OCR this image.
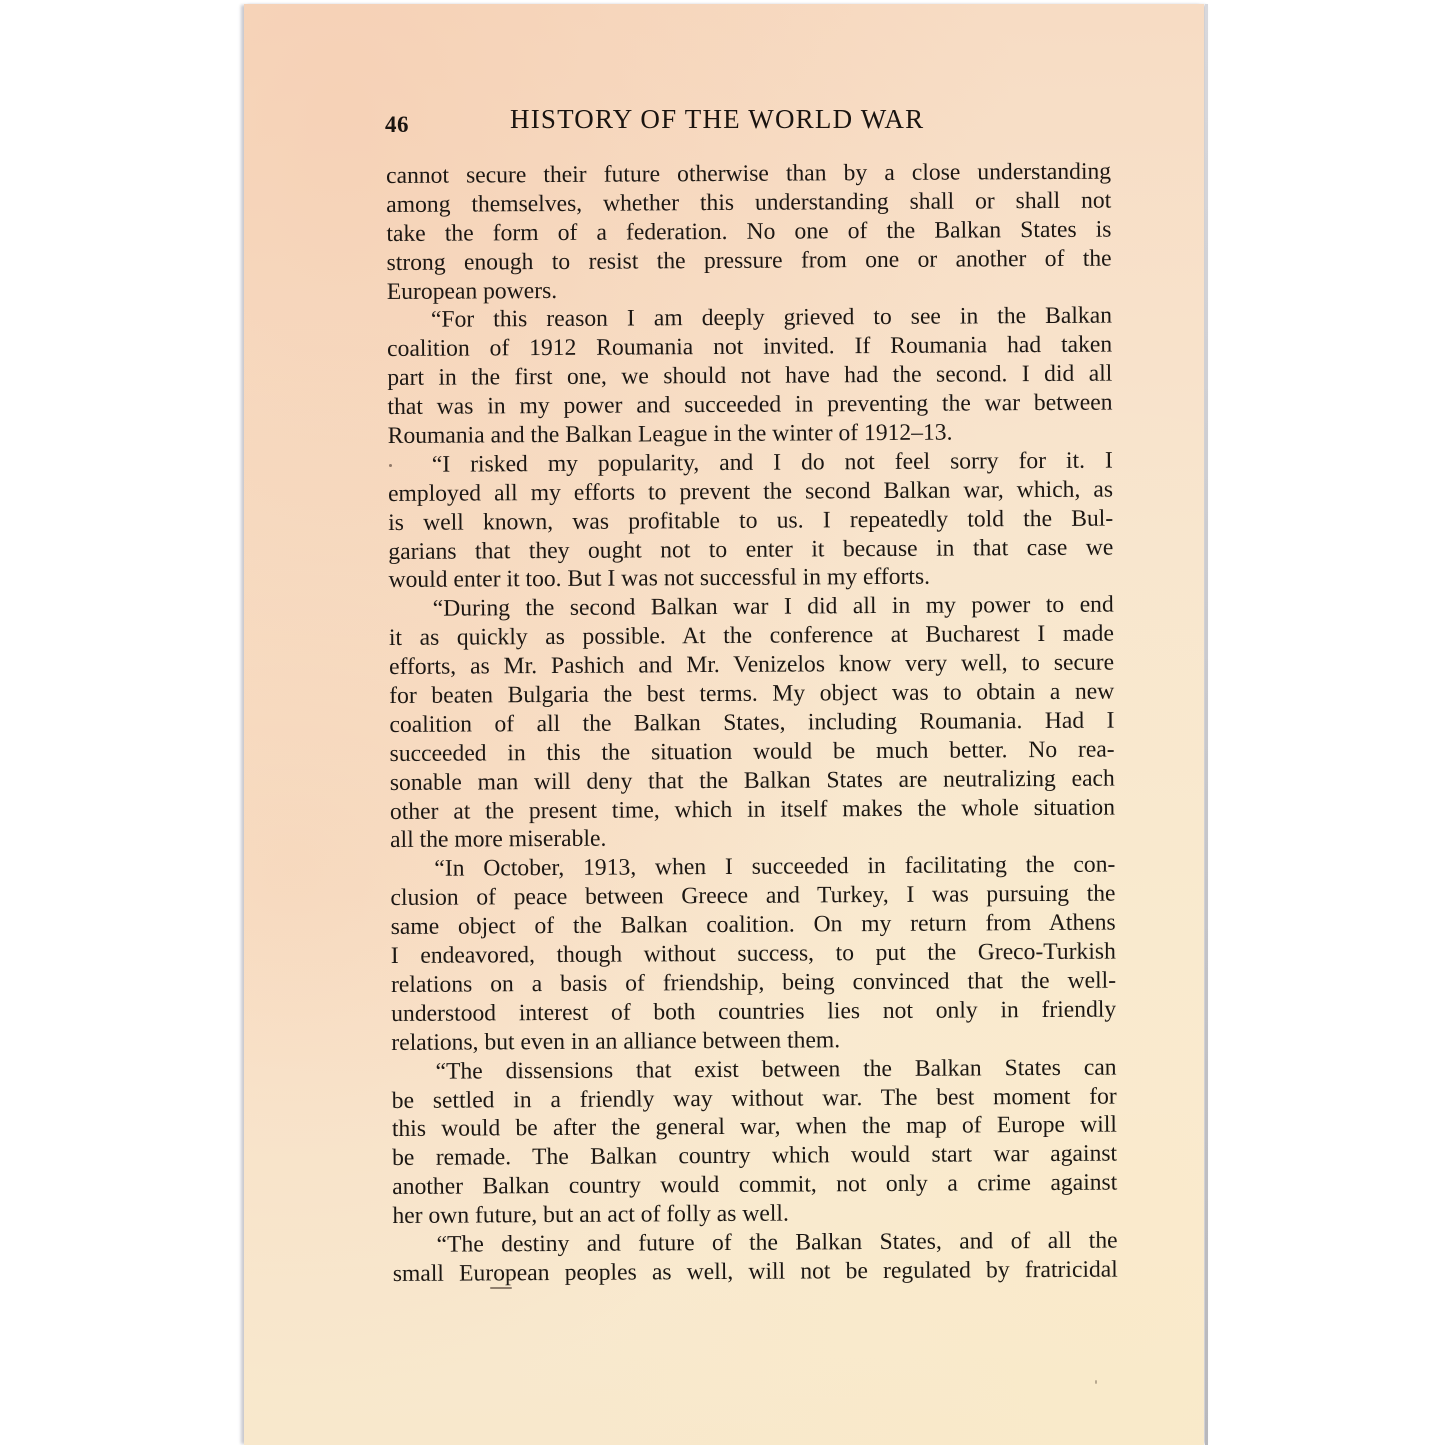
46	HISTORY OF THE WORLD WAR
cannot secure their future otherwise than by a close understanding
among themselves, whether this understanding shall or shall not
take the form of a federation. No one of the Balkan States is
strong enough to resist the pressure from one or another of the
European powers.
“For this reason I am deeply grieved to see in the Balkan
coalition of 1912 Roumania not invited. If Roumania had taken
part in the first one, we should not have had the second. I did all
that was in my power and succeeded in preventing the war between
Roumania and the Balkan League in the winter of 1912–13.
“I risked my popularity, and I do not feel sorry for it. I
employed all my efforts to prevent the second Balkan war, which, as
is well known, was profitable to us. I repeatedly told the Bul-
garians that they ought not to enter it because in that case we
would enter it too. But I was not successful in my efforts.
“During the second Balkan war I did all in my power to end
it as quickly as possible. At the conference at Bucharest I made
efforts, as Mr. Pashich and Mr. Venizelos know very well, to secure
for beaten Bulgaria the best terms. My object was to obtain a new
coalition of all the Balkan States, including Roumania. Had I
succeeded in this the situation would be much better. No rea-
sonable man will deny that the Balkan States are neutralizing each
other at the present time, which in itself makes the whole situation
all the more miserable.
“In October, 1913, when I succeeded in facilitating the con-
clusion of peace between Greece and Turkey, I was pursuing the
same object of the Balkan coalition. On my return from Athens
I endeavored, though without success, to put the Greco-Turkish
relations on a basis of friendship, being convinced that the well-
understood interest of both countries lies not only in friendly
relations, but even in an alliance between them.
“The dissensions that exist between the Balkan States can
be settled in a friendly way without war. The best moment for
this would be after the general war, when the map of Europe will
be remade. The Balkan country which would start war against
another Balkan country would commit, not only a crime against
her own future, but an act of folly as well.
“The destiny and future of the Balkan States, and of all the
small European peoples as well, will not be regulated by fratricidal
